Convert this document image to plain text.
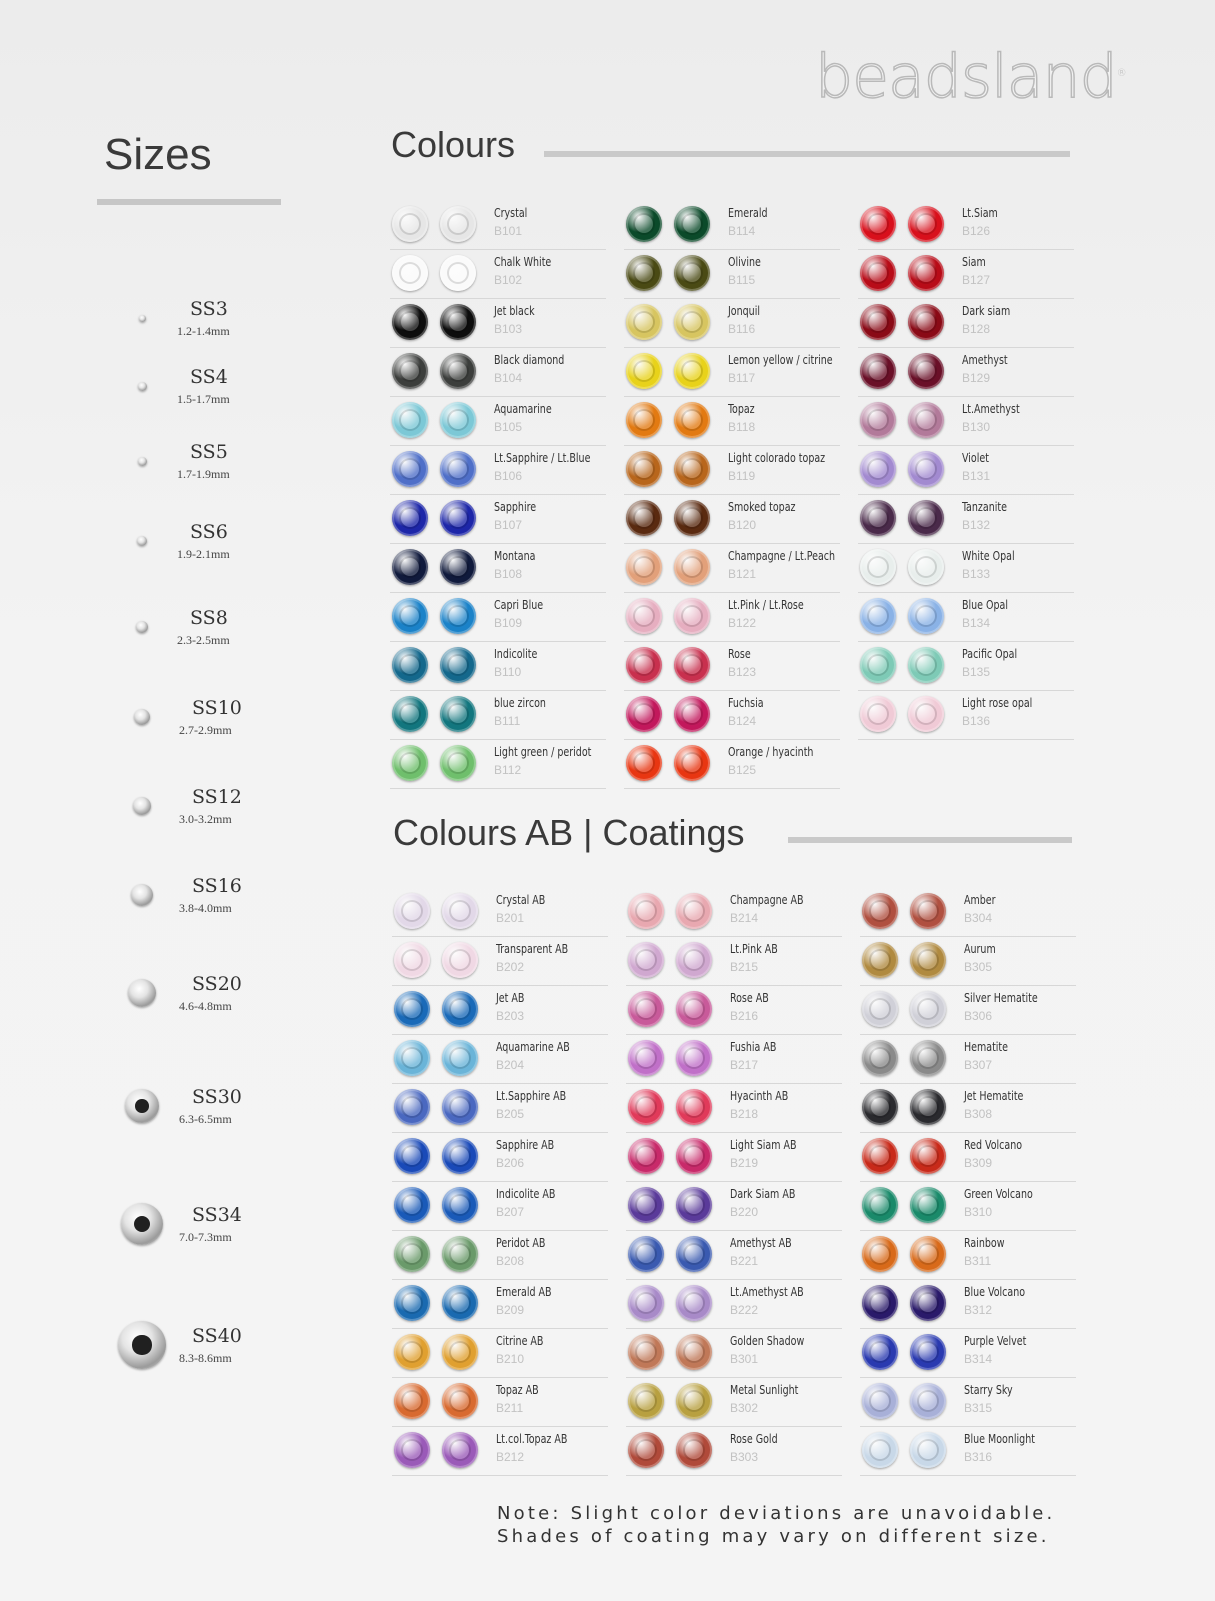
beadsland®
Sizes	Colours
Colours AB | Coatings
SS3
1.2-1.4mm
SS4
1.5-1.7mm
SS5
1.7-1.9mm
SS6
1.9-2.1mm
SS8
2.3-2.5mm
SS10
2.7-2.9mm
SS12
3.0-3.2mm
SS16
3.8-4.0mm
SS20
4.6-4.8mm
SS30
6.3-6.5mm
SS34
7.0-7.3mm
SS40
8.3-8.6mm
Crystal
B101
Chalk White
B102
Jet black
B103
Black diamond
B104
Aquamarine
B105
Lt.Sapphire / Lt.Blue
B106
Sapphire
B107
Montana
B108
Capri Blue
B109
Indicolite
B110
blue zircon
B111
Light green / peridot
B112
Emerald
B114
Olivine
B115
Jonquil
B116
Lemon yellow / citrine
B117
Topaz
B118
Light colorado topaz
B119
Smoked topaz
B120
Champagne / Lt.Peach
B121
Lt.Pink / Lt.Rose
B122
Rose
B123
Fuchsia
B124
Orange / hyacinth
B125
Lt.Siam
B126
Siam
B127
Dark siam
B128
Amethyst
B129
Lt.Amethyst
B130
Violet
B131
Tanzanite
B132
White Opal
B133
Blue Opal
B134
Pacific Opal
B135
Light rose opal
B136
Crystal AB
B201
Transparent AB
B202
Jet AB
B203
Aquamarine AB
B204
Lt.Sapphire AB
B205
Sapphire AB
B206
Indicolite AB
B207
Peridot AB
B208
Emerald AB
B209
Citrine AB
B210
Topaz AB
B211
Lt.col.Topaz AB
B212
Champagne AB
B214
Lt.Pink AB
B215
Rose AB
B216
Fushia AB
B217
Hyacinth AB
B218
Light Siam AB
B219
Dark Siam AB
B220
Amethyst AB
B221
Lt.Amethyst AB
B222
Golden Shadow
B301
Metal Sunlight
B302
Rose Gold
B303
Amber
B304
Aurum
B305
Silver Hematite
B306
Hematite
B307
Jet Hematite
B308
Red Volcano
B309
Green Volcano
B310
Rainbow
B311
Blue Volcano
B312
Purple Velvet
B314
Starry Sky
B315
Blue Moonlight
B316
Note: Slight color deviations are unavoidable.
Shades of coating may vary on different size.
